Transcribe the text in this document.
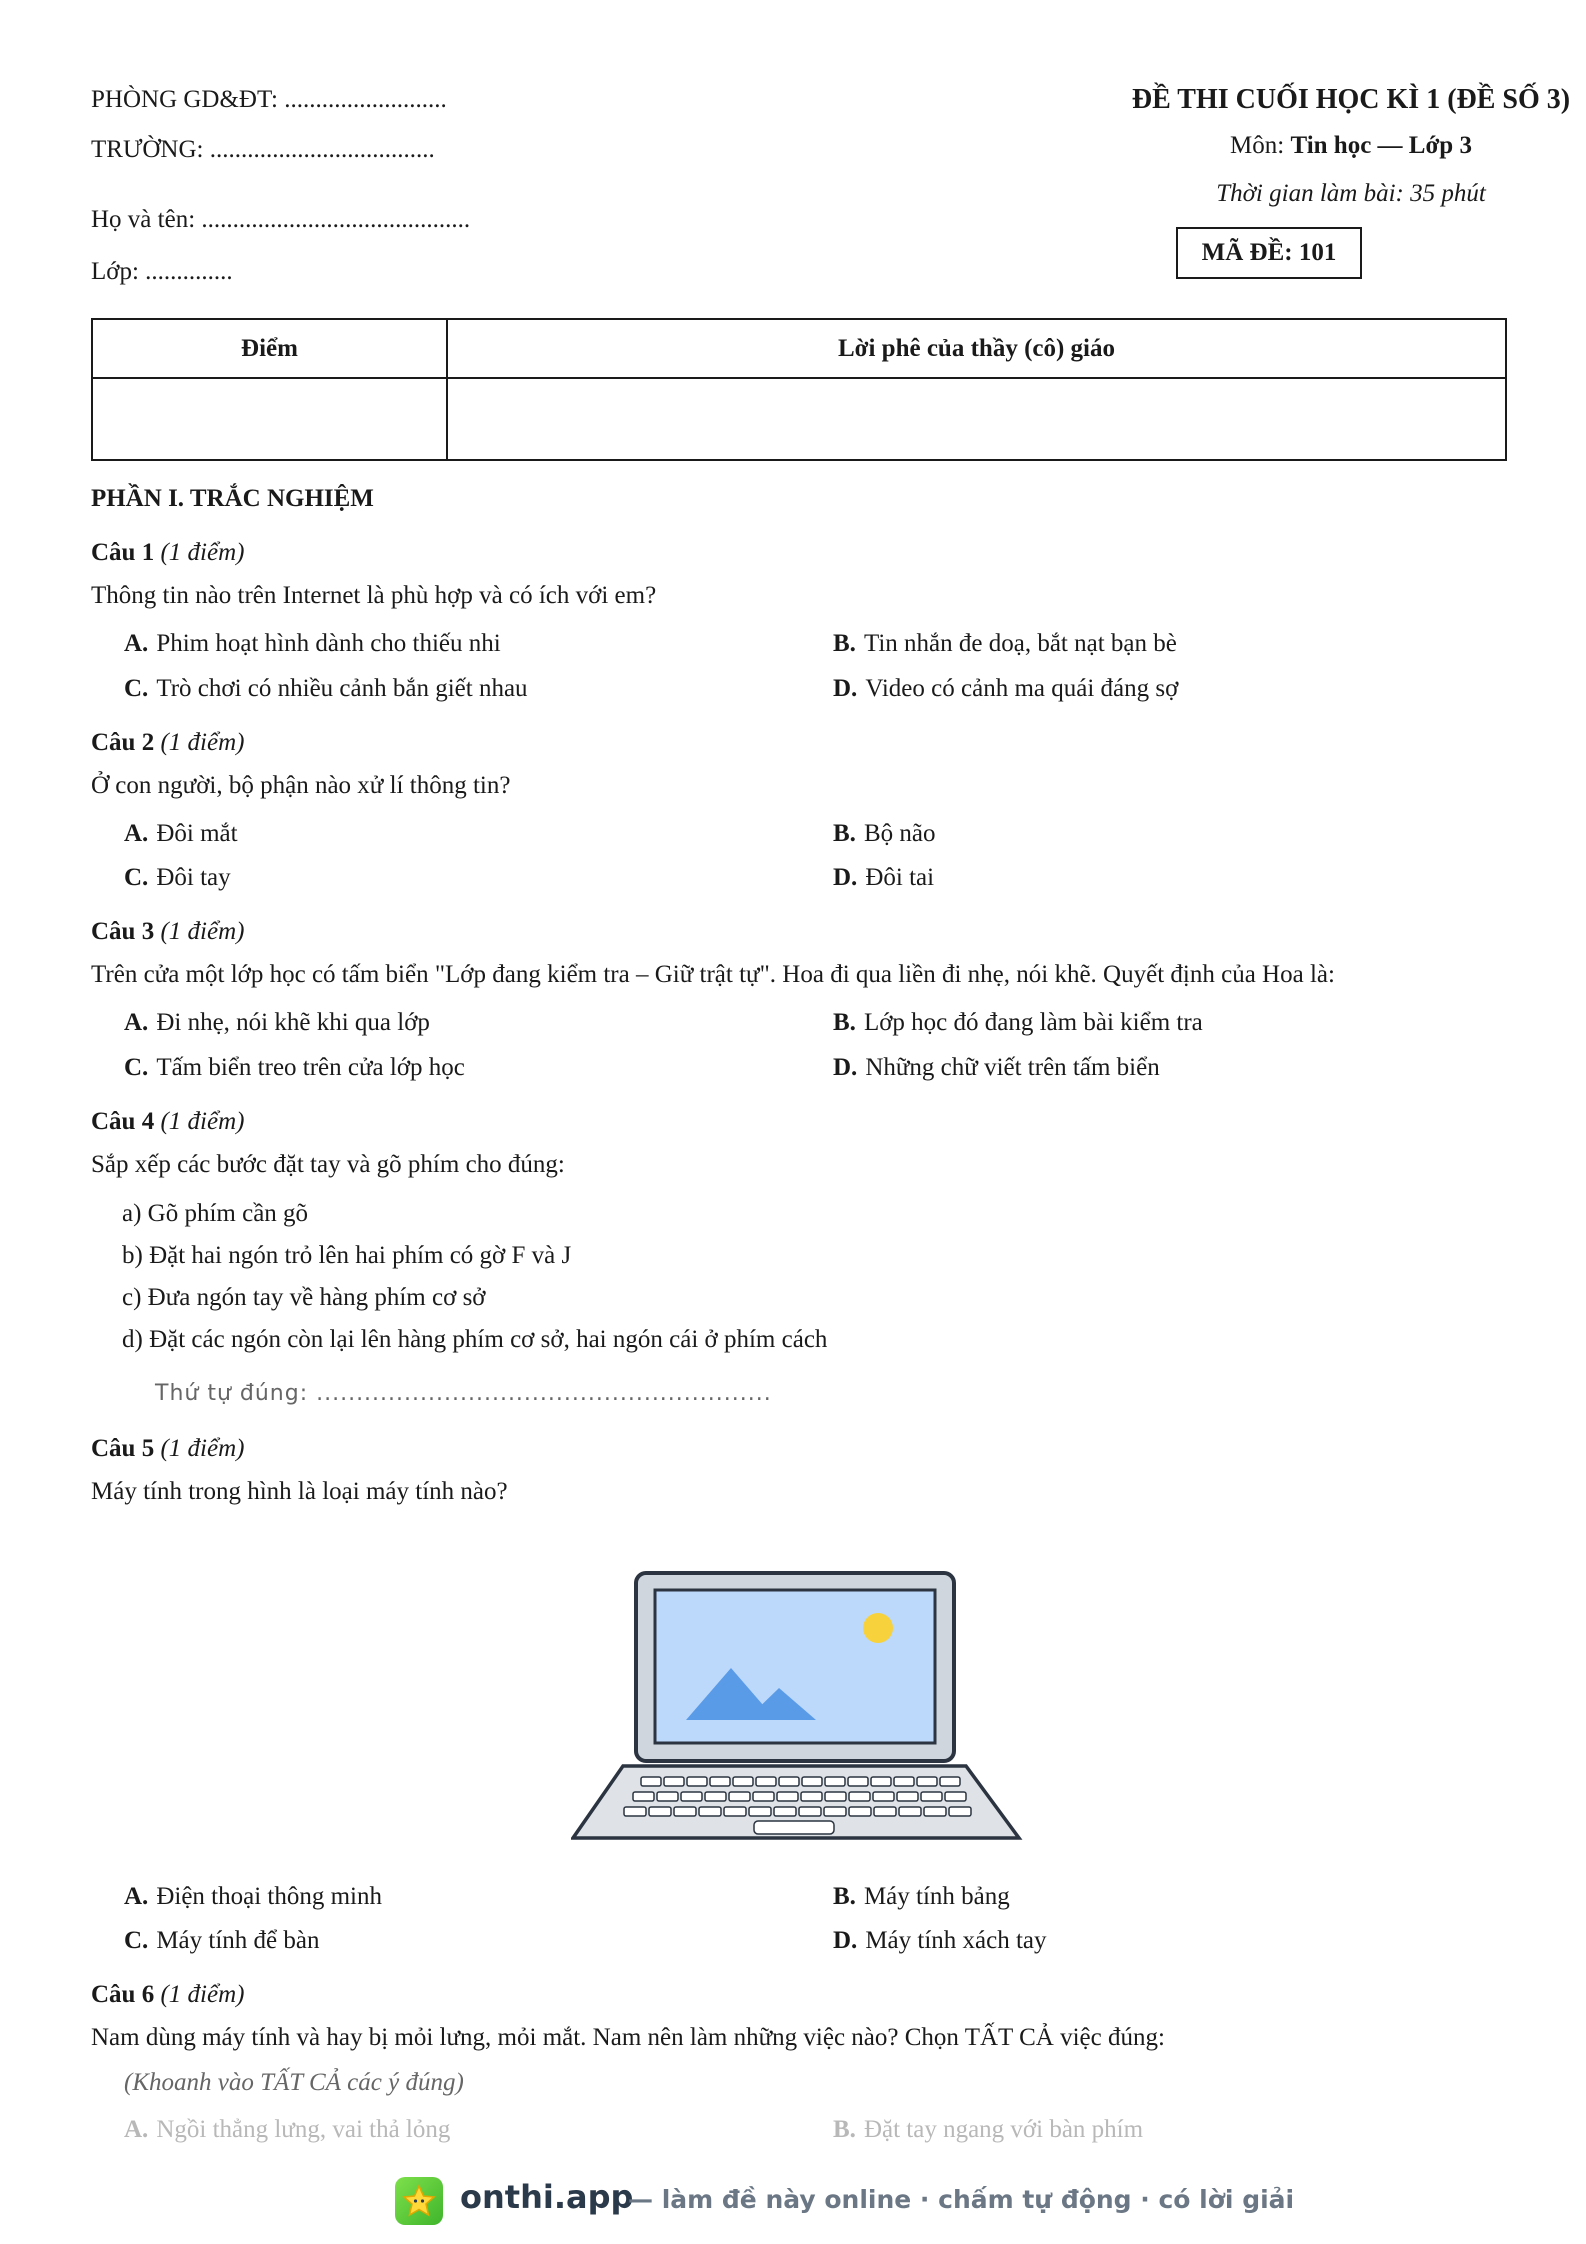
PHÒNG GD&ĐT: ..........................
TRƯỜNG: ....................................
Họ và tên: ...........................................
Lớp: ..............
ĐỀ THI CUỐI HỌC KÌ 1 (ĐỀ SỐ 3)
Môn: Tin học — Lớp 3
Thời gian làm bài: 35 phút
MÃ ĐỀ: 101
Điểm	Lời phê của thầy (cô) giáo

PHẦN I. TRẮC NGHIỆM
Câu 1 (1 điểm)
Thông tin nào trên Internet là phù hợp và có ích với em?
A. Phim hoạt hình dành cho thiếu nhi	B. Tin nhắn đe doạ, bắt nạt bạn bè
C. Trò chơi có nhiều cảnh bắn giết nhau	D. Video có cảnh ma quái đáng sợ
Câu 2 (1 điểm)
Ở con người, bộ phận nào xử lí thông tin?
A. Đôi mắt	B. Bộ não
C. Đôi tay	D. Đôi tai
Câu 3 (1 điểm)
Trên cửa một lớp học có tấm biển "Lớp đang kiểm tra – Giữ trật tự". Hoa đi qua liền đi nhẹ, nói khẽ. Quyết định của Hoa là:
A. Đi nhẹ, nói khẽ khi qua lớp	B. Lớp học đó đang làm bài kiểm tra
C. Tấm biển treo trên cửa lớp học	D. Những chữ viết trên tấm biển
Câu 4 (1 điểm)
Sắp xếp các bước đặt tay và gõ phím cho đúng:
a) Gõ phím cần gõ
b) Đặt hai ngón trỏ lên hai phím có gờ F và J
c) Đưa ngón tay về hàng phím cơ sở
d) Đặt các ngón còn lại lên hàng phím cơ sở, hai ngón cái ở phím cách
Thứ tự đúng: .........................................................
Câu 5 (1 điểm)
Máy tính trong hình là loại máy tính nào?
A. Điện thoại thông minh	B. Máy tính bảng
C. Máy tính để bàn	D. Máy tính xách tay
Câu 6 (1 điểm)
Nam dùng máy tính và hay bị mỏi lưng, mỏi mắt. Nam nên làm những việc nào? Chọn TẤT CẢ việc đúng:
(Khoanh vào TẤT CẢ các ý đúng)
A. Ngồi thẳng lưng, vai thả lỏng	B. Đặt tay ngang với bàn phím
onthi.app
— làm đề này online · chấm tự động · có lời giải
